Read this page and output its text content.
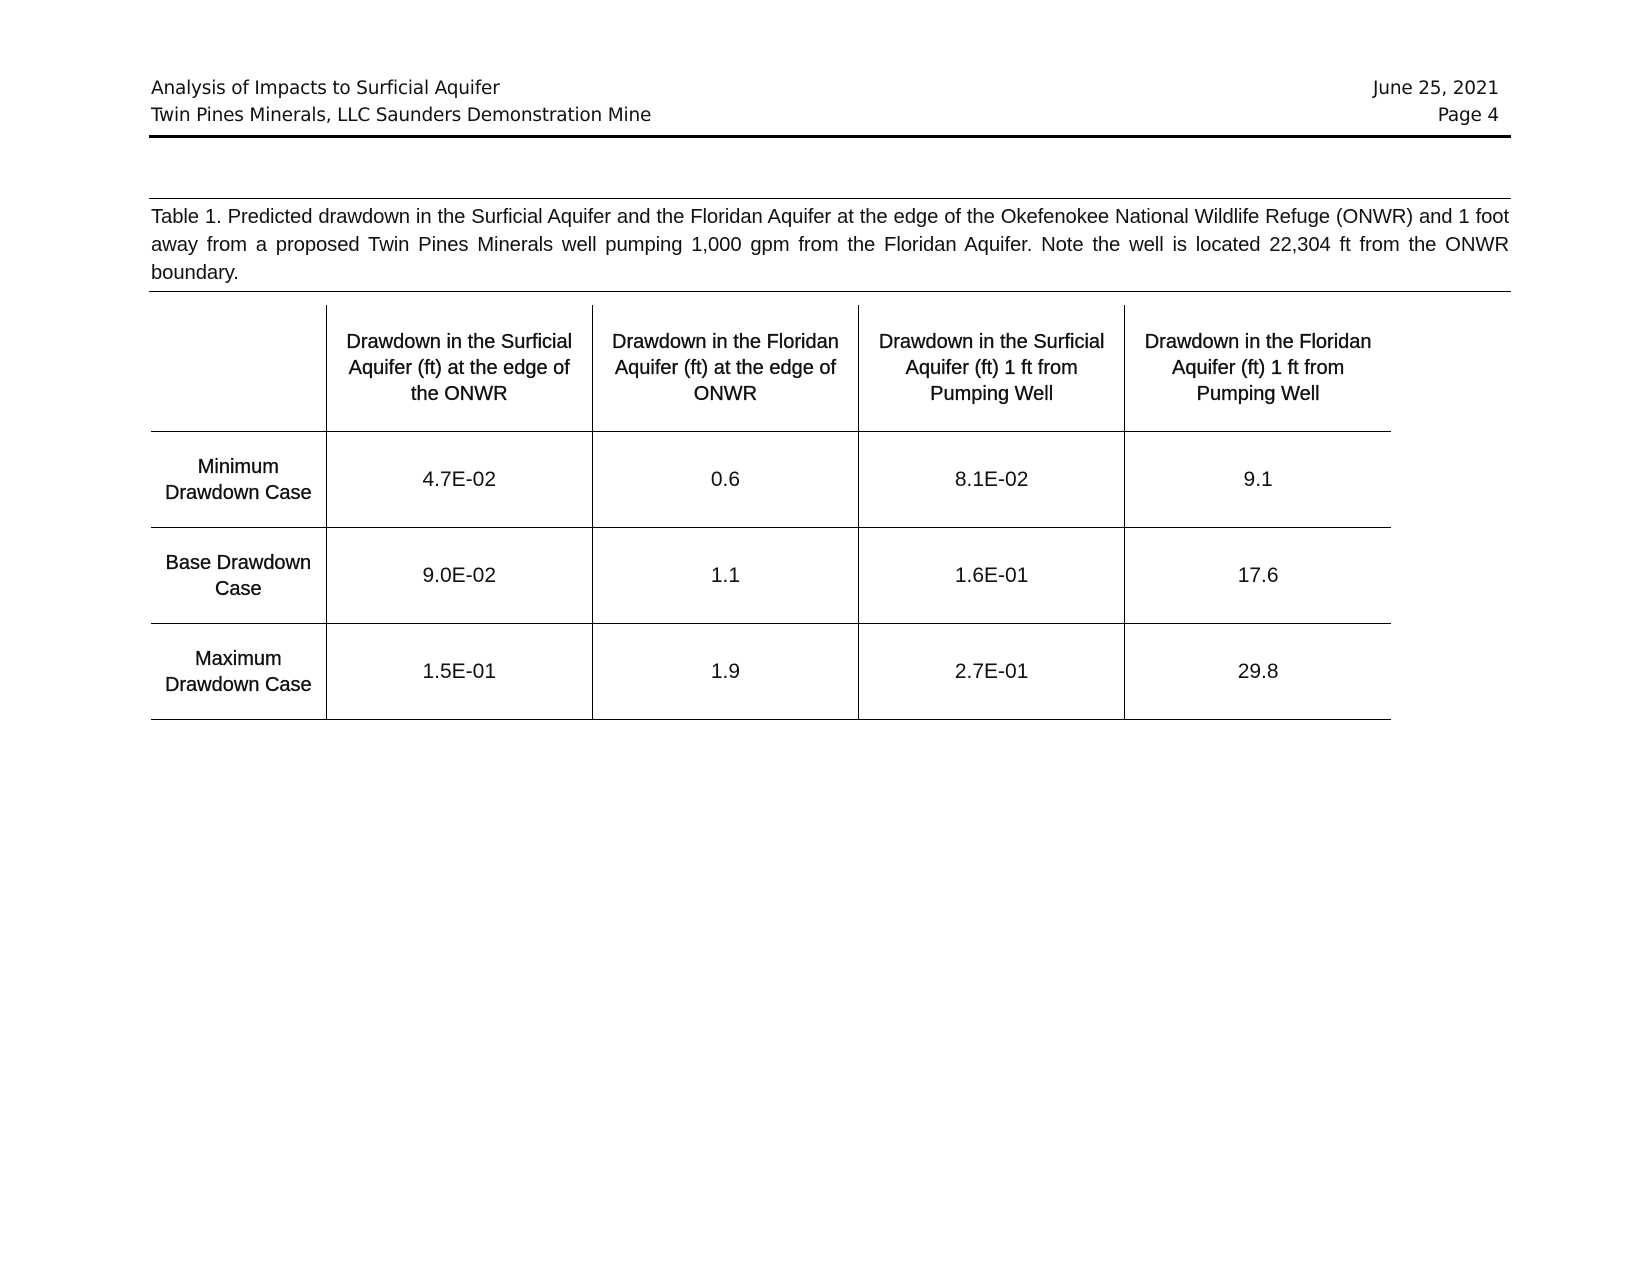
Analysis of Impacts to Surficial Aquifer
Twin Pines Minerals, LLC Saunders Demonstration Mine
June 25, 2021
Page 4
Table 1. Predicted drawdown in the Surficial Aquifer and the Floridan Aquifer at the edge of the Okefenokee National Wildlife Refuge (ONWR) and 1 foot away from a proposed Twin Pines Minerals well pumping 1,000 gpm from the Floridan Aquifer. Note the well is located 22,304 ft from the ONWR boundary.
	Drawdown in the Surficial Aquifer (ft) at the edge of the ONWR	Drawdown in the Floridan Aquifer (ft) at the edge of ONWR	Drawdown in the Surficial Aquifer (ft) 1 ft from Pumping Well	Drawdown in the Floridan Aquifer (ft) 1 ft from Pumping Well
Minimum Drawdown Case	4.7E-02	0.6	8.1E-02	9.1
Base Drawdown Case	9.0E-02	1.1	1.6E-01	17.6
Maximum Drawdown Case	1.5E-01	1.9	2.7E-01	29.8
